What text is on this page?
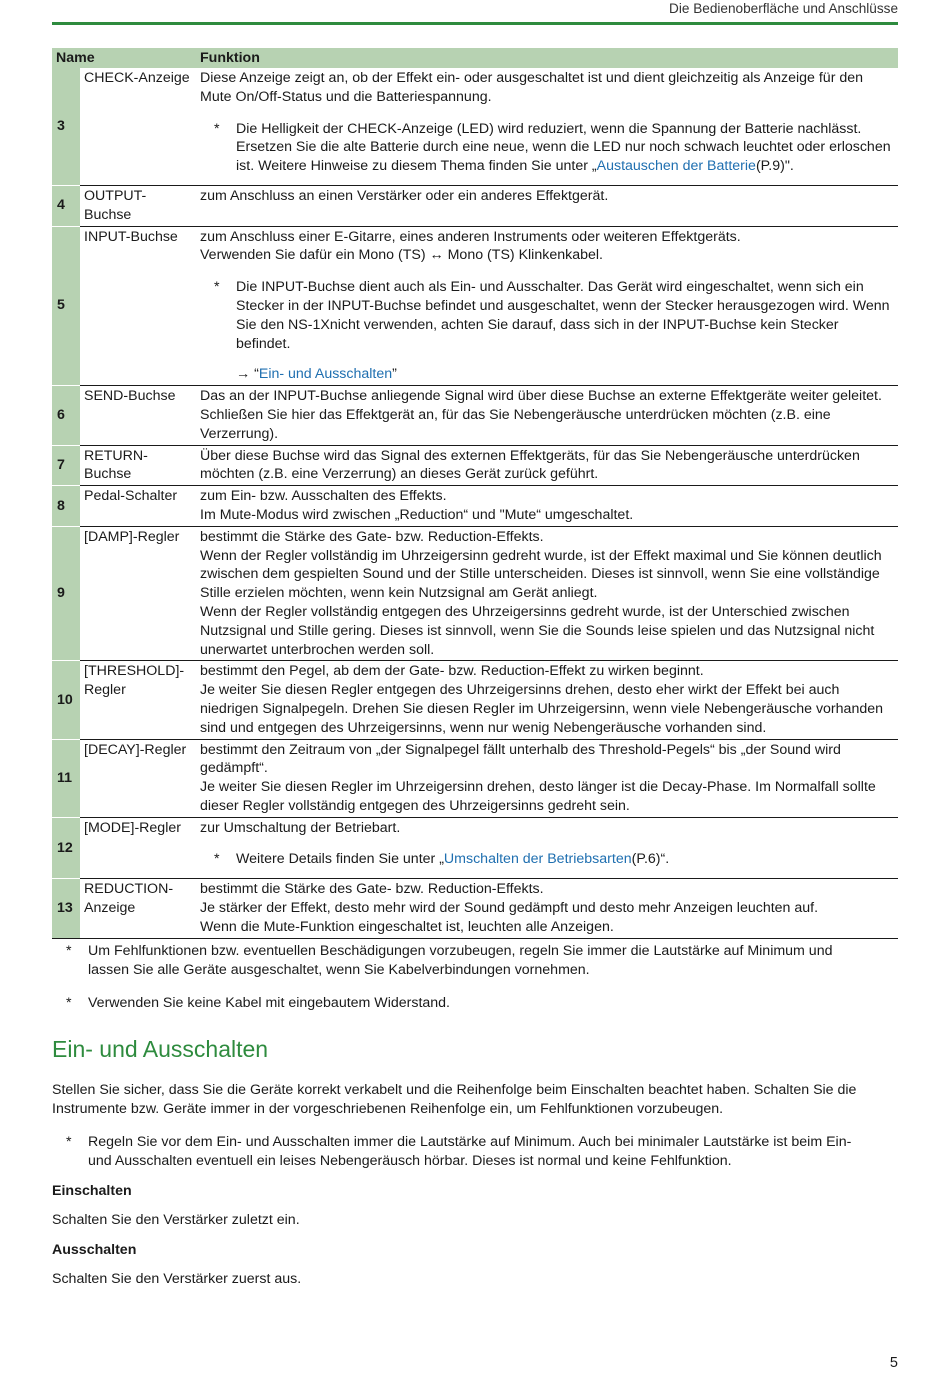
Die Bedienoberfläche und Anschlüsse
Name		Funktion
3	CHECK-Anzeige	Diese Anzeige zeigt an, ob der Effekt ein- oder ausgeschaltet ist und dient gleichzeitig als Anzeige für den Mute On/Off-Status und die Batteriespannung.
* Die Helligkeit der CHECK-Anzeige (LED) wird reduziert, wenn die Spannung der Batterie nachlässt. Ersetzen Sie die alte Batterie durch eine neue, wenn die LED nur noch schwach leuchtet oder erloschen ist. Weitere Hinweise zu diesem Thema finden Sie unter „Austauschen der Batterie(P.9)".

4	OUTPUT-Buchse	zum Anschluss an einen Verstärker oder ein anderes Effektgerät.
5	INPUT-Buchse	zum Anschluss einer E-Gitarre, eines anderen Instruments oder weiteren Effektgeräts.
Verwenden Sie dafür ein Mono (TS) ↔ Mono (TS) Klinkenkabel.
* Die INPUT-Buchse dient auch als Ein- und Ausschalter. Das Gerät wird eingeschaltet, wenn sich ein Stecker in der INPUT-Buchse befindet und ausgeschaltet, wenn der Stecker herausgezogen wird. Wenn Sie den NS-1Xnicht verwenden, achten Sie darauf, dass sich in der INPUT-Buchse kein Stecker befindet.
→ “Ein- und Ausschalten”

6	SEND-Buchse	Das an der INPUT-Buchse anliegende Signal wird über diese Buchse an externe Effektgeräte weiter geleitet. Schließen Sie hier das Effektgerät an, für das Sie Nebengeräusche unterdrücken möchten (z.B. eine Verzerrung).
7	RETURN-Buchse	Über diese Buchse wird das Signal des externen Effektgeräts, für das Sie Nebengeräusche unterdrücken möchten (z.B. eine Verzerrung) an dieses Gerät zurück geführt.
8	Pedal-Schalter	zum Ein- bzw. Ausschalten des Effekts.
Im Mute-Modus wird zwischen „Reduction“ und "Mute“ umgeschaltet.

9	[DAMP]-Regler	bestimmt die Stärke des Gate- bzw. Reduction-Effekts.
Wenn der Regler vollständig im Uhrzeigersinn gedreht wurde, ist der Effekt maximal und Sie können deutlich zwischen dem gespielten Sound und der Stille unterscheiden. Dieses ist sinnvoll, wenn Sie eine vollständige Stille erzielen möchten, wenn kein Nutzsignal am Gerät anliegt.
Wenn der Regler vollständig entgegen des Uhrzeigersinns gedreht wurde, ist der Unterschied zwischen Nutzsignal und Stille gering. Dieses ist sinnvoll, wenn Sie die Sounds leise spielen und das Nutzsignal nicht unerwartet unterbrochen werden soll.

10	[THRESHOLD]-Regler	bestimmt den Pegel, ab dem der Gate- bzw. Reduction-Effekt zu wirken beginnt.
Je weiter Sie diesen Regler entgegen des Uhrzeigersinns drehen, desto eher wirkt der Effekt bei auch niedrigen Signalpegeln. Drehen Sie diesen Regler im Uhrzeigersinn, wenn viele Nebengeräusche vorhanden sind und entgegen des Uhrzeigersinns, wenn nur wenig Nebengeräusche vorhanden sind.

11	[DECAY]-Regler	bestimmt den Zeitraum von „der Signalpegel fällt unterhalb des Threshold-Pegels“ bis „der Sound wird gedämpft“.
Je weiter Sie diesen Regler im Uhrzeigersinn drehen, desto länger ist die Decay-Phase. Im Normalfall sollte dieser Regler vollständig entgegen des Uhrzeigersinns gedreht sein.

12	[MODE]-Regler	zur Umschaltung der Betriebart.
* Weitere Details finden Sie unter „Umschalten der Betriebsarten(P.6)“.

13	REDUCTION-Anzeige	bestimmt die Stärke des Gate- bzw. Reduction-Effekts.
Je stärker der Effekt, desto mehr wird der Sound gedämpft und desto mehr Anzeigen leuchten auf.
Wenn die Mute-Funktion eingeschaltet ist, leuchten alle Anzeigen.
*	Um Fehlfunktionen bzw. eventuellen Beschädigungen vorzubeugen, regeln Sie immer die Lautstärke auf Minimum und lassen Sie alle Geräte ausgeschaltet, wenn Sie Kabelverbindungen vornehmen.
*	Verwenden Sie keine Kabel mit eingebautem Widerstand.
Ein- und Ausschalten
Stellen Sie sicher, dass Sie die Geräte korrekt verkabelt und die Reihenfolge beim Einschalten beachtet haben. Schalten Sie die Instrumente bzw. Geräte immer in der vorgeschriebenen Reihenfolge ein, um Fehlfunktionen vorzubeugen.
*	Regeln Sie vor dem Ein- und Ausschalten immer die Lautstärke auf Minimum. Auch bei minimaler Lautstärke ist beim Ein- und Ausschalten eventuell ein leises Nebengeräusch hörbar. Dieses ist normal und keine Fehlfunktion.
Einschalten
Schalten Sie den Verstärker zuletzt ein.
Ausschalten
Schalten Sie den Verstärker zuerst aus.
5
